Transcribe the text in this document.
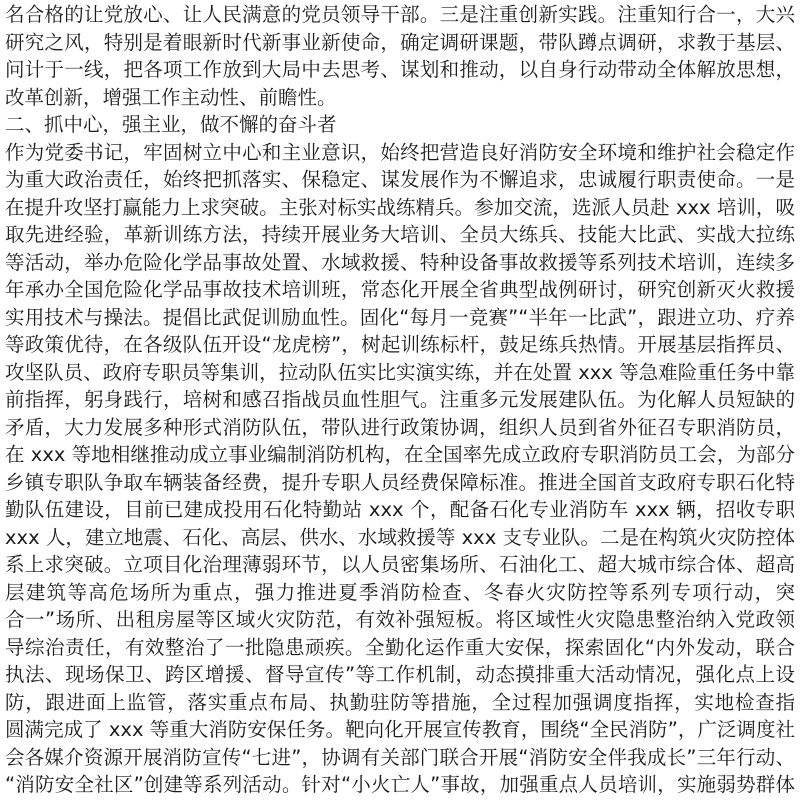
名合格的让党放心、让人民满意的党员领导干部。三是注重创新实践。注重知行合一，大兴
研究之风，特别是着眼新时代新事业新使命，确定调研课题，带队蹲点调研，求教于基层、
问计于一线，把各项工作放到大局中去思考、谋划和推动，以自身行动带动全体解放思想，
改革创新，增强工作主动性、前瞻性。
二、抓中心，强主业，做不懈的奋斗者
作为党委书记，牢固树立中心和主业意识，始终把营造良好消防安全环境和维护社会稳定作
为重大政治责任，始终把抓落实、保稳定、谋发展作为不懈追求，忠诚履行职责使命。一是
在提升攻坚打赢能力上求突破。主张对标实战练精兵。参加交流，选派人员赴 xxx 培训，吸
取先进经验，革新训练方法，持续开展业务大培训、全员大练兵、技能大比武、实战大拉练
等活动，举办危险化学品事故处置、水域救援、特种设备事故救援等系列技术培训，连续多
年承办全国危险化学品事故技术培训班，常态化开展全省典型战例研讨，研究创新灭火救援
实用技术与操法。提倡比武促训励血性。固化“每月一竞赛”“半年一比武”，跟进立功、疗养
等政策优待，在各级队伍开设“龙虎榜”，树起训练标杆，鼓足练兵热情。开展基层指挥员、
攻坚队员、政府专职员等集训，拉动队伍实比实演实练，并在处置 xxx 等急难险重任务中靠
前指挥，躬身践行，培树和感召指战员血性胆气。注重多元发展建队伍。为化解人员短缺的
矛盾，大力发展多种形式消防队伍，带队进行政策协调，组织人员到省外征召专职消防员，
在 xxx 等地相继推动成立事业编制消防机构，在全国率先成立政府专职消防员工会，为部分
乡镇专职队争取车辆装备经费，提升专职人员经费保障标准。推进全国首支政府专职石化特
勤队伍建设，目前已建成投用石化特勤站 xxx 个，配备石化专业消防车 xxx 辆，招收专职
xxx 人，建立地震、石化、高层、供水、水域救援等 xxx 支专业队。二是在构筑火灾防控体
系上求突破。立项目化治理薄弱环节，以人员密集场所、石油化工、超大城市综合体、超高
层建筑等高危场所为重点，强力推进夏季消防检查、冬春火灾防控等系列专项行动，突
合一”场所、出租房屋等区域火灾防范，有效补强短板。将区域性火灾隐患整治纳入党政领
导综治责任，有效整治了一批隐患顽疾。全勤化运作重大安保，探索固化“内外发动，联合
执法、现场保卫、跨区增援、督导宣传”等工作机制，动态摸排重大活动情况，强化点上设
防，跟进面上监管，落实重点布局、执勤驻防等措施，全过程加强调度指挥，实地检查指
圆满完成了 xxx 等重大消防安保任务。靶向化开展宣传教育，围绕“全民消防”，广泛调度社
会各媒介资源开展消防宣传“七进”，协调有关部门联合开展“消防安全伴我成长”三年行动、
“消防安全社区”创建等系列活动。针对“小火亡人”事故，加强重点人员培训，实施弱势群体
